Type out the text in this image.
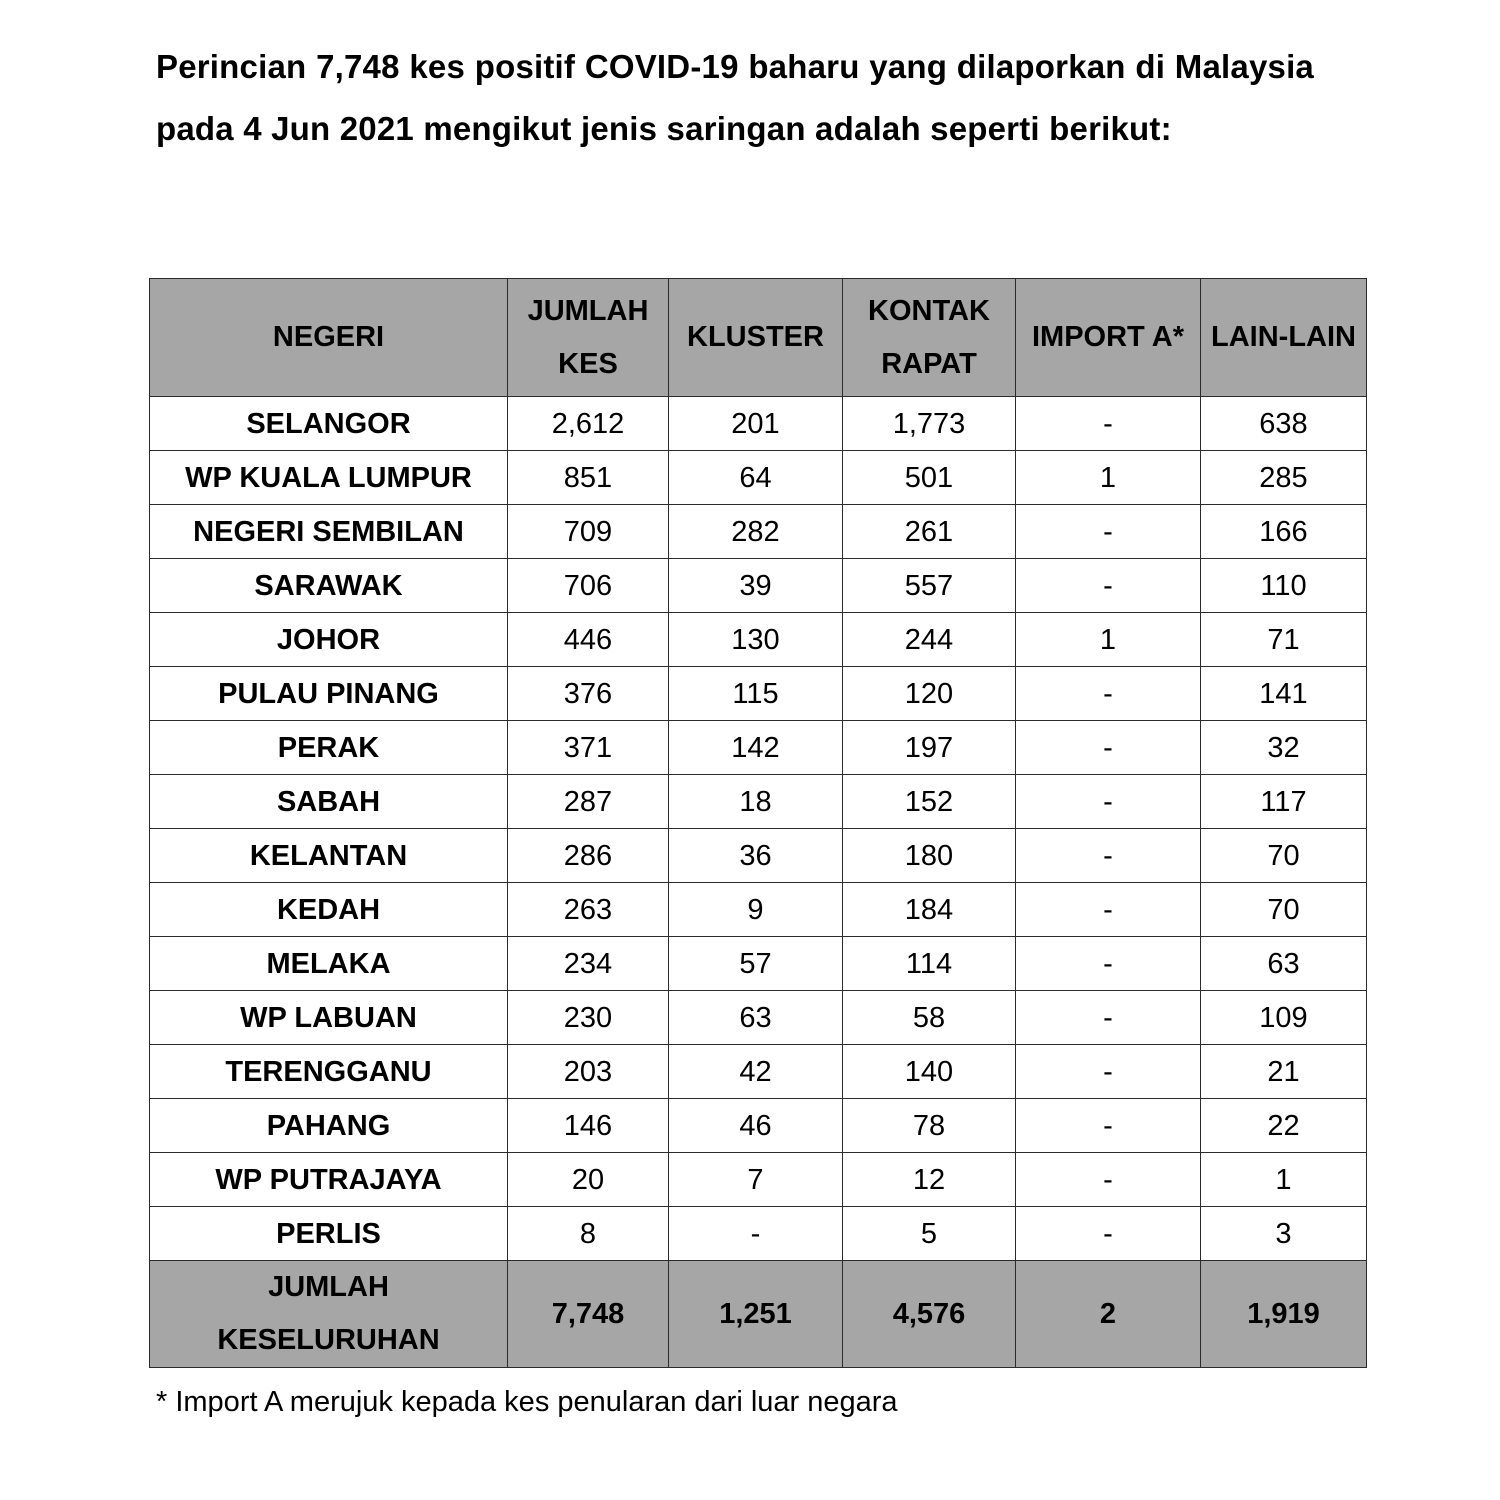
Perincian 7,748 kes positif COVID-19 baharu yang dilaporkan di Malaysia pada 4 Jun 2021 mengikut jenis saringan adalah seperti berikut:

NEGERI	JUMLAH KES	KLUSTER	KONTAK RAPAT	IMPORT A*	LAIN-LAIN
SELANGOR	2,612	201	1,773	-	638
WP KUALA LUMPUR	851	64	501	1	285
NEGERI SEMBILAN	709	282	261	-	166
SARAWAK	706	39	557	-	110
JOHOR	446	130	244	1	71
PULAU PINANG	376	115	120	-	141
PERAK	371	142	197	-	32
SABAH	287	18	152	-	117
KELANTAN	286	36	180	-	70
KEDAH	263	9	184	-	70
MELAKA	234	57	114	-	63
WP LABUAN	230	63	58	-	109
TERENGGANU	203	42	140	-	21
PAHANG	146	46	78	-	22
WP PUTRAJAYA	20	7	12	-	1
PERLIS	8	-	5	-	3
JUMLAH KESELURUHAN	7,748	1,251	4,576	2	1,919

* Import A merujuk kepada kes penularan dari luar negara
